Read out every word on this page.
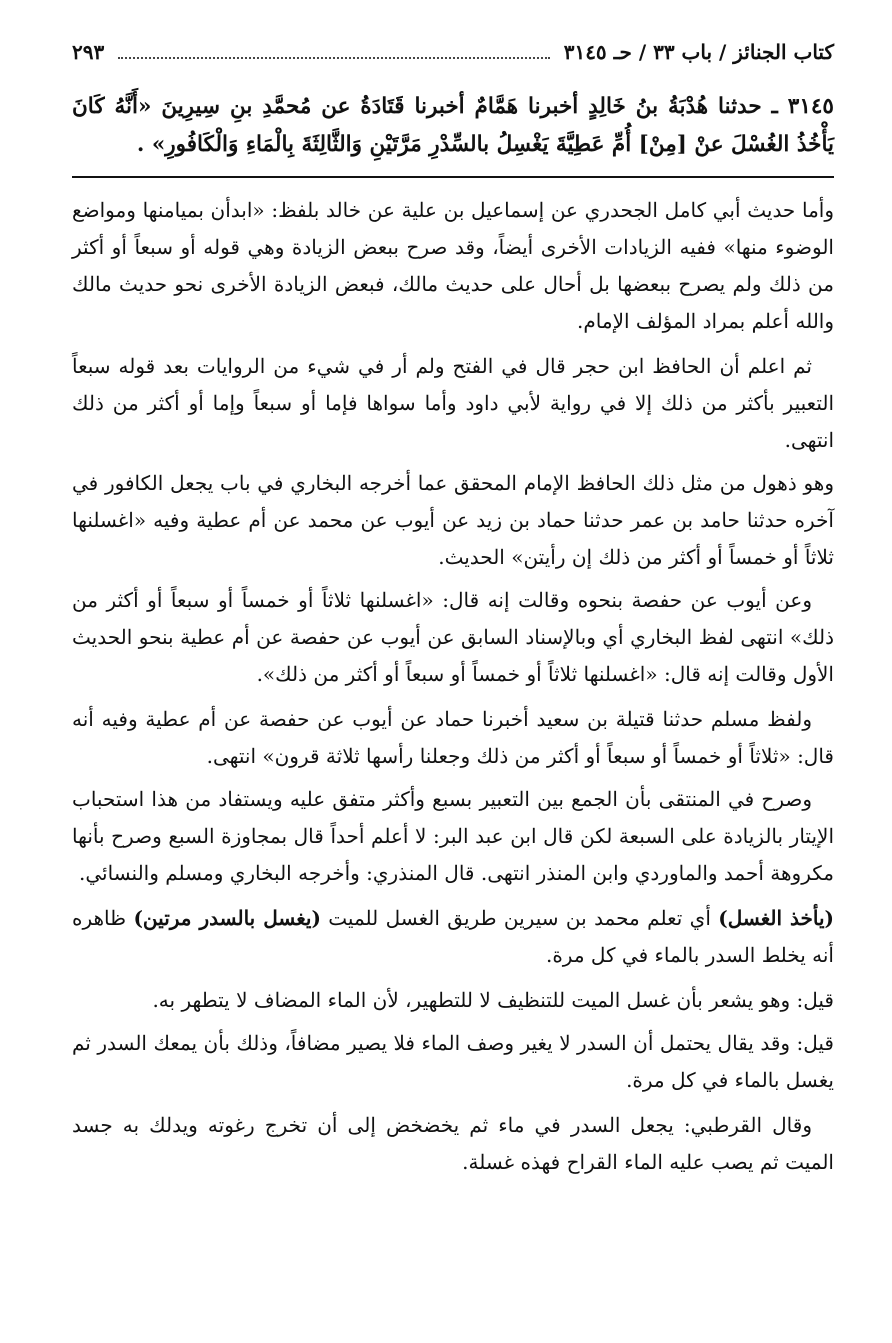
كتاب الجنائز / باب ٣٣ / حـ ٣١٤٥
٢٩٣
٣١٤٥ ـ حدثنا هُدْبَةُ بنُ خَالِدٍ أخبرنا هَمَّامٌ أخبرنا قَتَادَةُ عن مُحمَّدِ بنِ سِيرِينَ «أَنَّهُ كَانَ يَأْخُذُ الغُسْلَ عنْ [مِنْ] أُمِّ عَطِيَّةَ يَغْسِلُ بالسِّدْرِ مَرَّتَيْنِ وَالثَّالِثَةَ بِالْمَاءِ وَالْكَافُورِ» .

وأما حديث أبي كامل الجحدري عن إسماعيل بن علية عن خالد بلفظ: «ابدأن بميامنها ومواضع الوضوء منها» ففيه الزيادات الأخرى أيضاً، وقد صرح ببعض الزيادة وهي قوله أو سبعاً أو أكثر من ذلك ولم يصرح ببعضها بل أحال على حديث مالك، فبعض الزيادة الأخرى نحو حديث مالك والله أعلم بمراد المؤلف الإمام.

ثم اعلم أن الحافظ ابن حجر قال في الفتح ولم أر في شيء من الروايات بعد قوله سبعاً التعبير بأكثر من ذلك إلا في رواية لأبي داود وأما سواها فإما أو سبعاً وإما أو أكثر من ذلك انتهى.

وهو ذهول من مثل ذلك الحافظ الإمام المحقق عما أخرجه البخاري في باب يجعل الكافور في آخره حدثنا حامد بن عمر حدثنا حماد بن زيد عن أيوب عن محمد عن أم عطية وفيه «اغسلنها ثلاثاً أو خمساً أو أكثر من ذلك إن رأيتن» الحديث.

وعن أيوب عن حفصة بنحوه وقالت إنه قال: «اغسلنها ثلاثاً أو خمساً أو سبعاً أو أكثر من ذلك» انتهى لفظ البخاري أي وبالإسناد السابق عن أيوب عن حفصة عن أم عطية بنحو الحديث الأول وقالت إنه قال: «اغسلنها ثلاثاً أو خمساً أو سبعاً أو أكثر من ذلك».

ولفظ مسلم حدثنا قتيلة بن سعيد أخبرنا حماد عن أيوب عن حفصة عن أم عطية وفيه أنه قال: «ثلاثاً أو خمساً أو سبعاً أو أكثر من ذلك وجعلنا رأسها ثلاثة قرون» انتهى.

وصرح في المنتقى بأن الجمع بين التعبير بسبع وأكثر متفق عليه ويستفاد من هذا استحباب الإيتار بالزيادة على السبعة لكن قال ابن عبد البر: لا أعلم أحداً قال بمجاوزة السبع وصرح بأنها مكروهة أحمد والماوردي وابن المنذر انتهى. قال المنذري: وأخرجه البخاري ومسلم والنسائي.

(يأخذ الغسل) أي تعلم محمد بن سيرين طريق الغسل للميت (يغسل بالسدر مرتين) ظاهره أنه يخلط السدر بالماء في كل مرة.

قيل: وهو يشعر بأن غسل الميت للتنظيف لا للتطهير، لأن الماء المضاف لا يتطهر به.

قيل: وقد يقال يحتمل أن السدر لا يغير وصف الماء فلا يصير مضافاً، وذلك بأن يمعك السدر ثم يغسل بالماء في كل مرة.

وقال القرطبي: يجعل السدر في ماء ثم يخضخض إلى أن تخرج رغوته ويدلك به جسد الميت ثم يصب عليه الماء القراح فهذه غسلة.
